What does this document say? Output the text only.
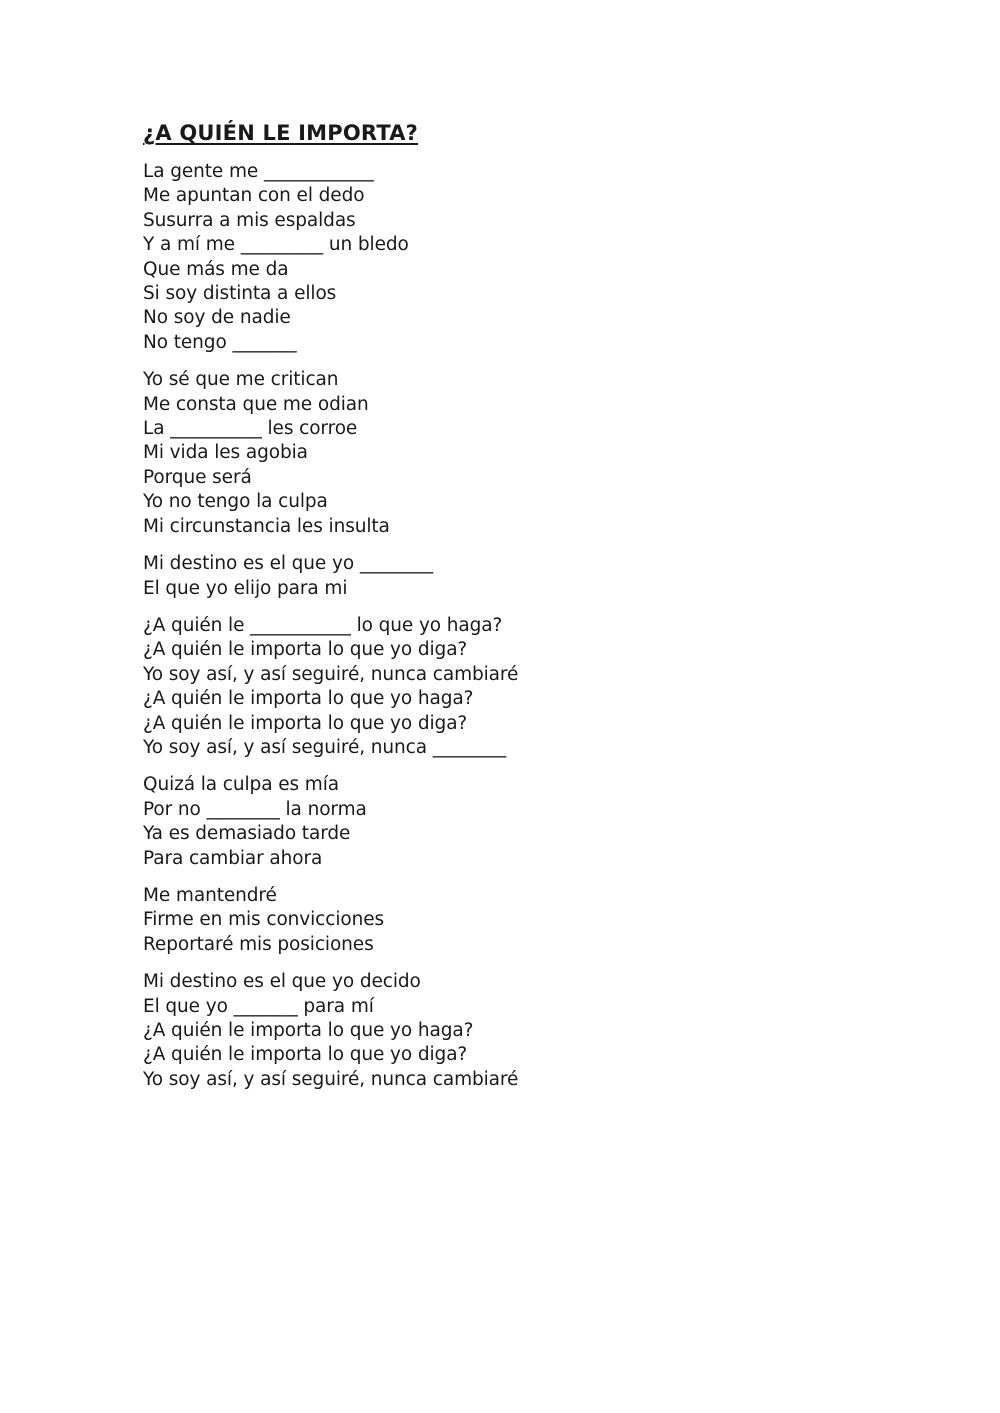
¿A QUIÉN LE IMPORTA?
La gente me ____________
Me apuntan con el dedo
Susurra a mis espaldas
Y a mí me _________ un bledo
Que más me da
Si soy distinta a ellos
No soy de nadie
No tengo _______
Yo sé que me critican
Me consta que me odian
La __________ les corroe
Mi vida les agobia
Porque será
Yo no tengo la culpa
Mi circunstancia les insulta
Mi destino es el que yo ________
El que yo elijo para mi
¿A quién le ___________ lo que yo haga?
¿A quién le importa lo que yo diga?
Yo soy así, y así seguiré, nunca cambiaré
¿A quién le importa lo que yo haga?
¿A quién le importa lo que yo diga?
Yo soy así, y así seguiré, nunca ________
Quizá la culpa es mía
Por no ________ la norma
Ya es demasiado tarde
Para cambiar ahora
Me mantendré
Firme en mis convicciones
Reportaré mis posiciones
Mi destino es el que yo decido
El que yo _______ para mí
¿A quién le importa lo que yo haga?
¿A quién le importa lo que yo diga?
Yo soy así, y así seguiré, nunca cambiaré
